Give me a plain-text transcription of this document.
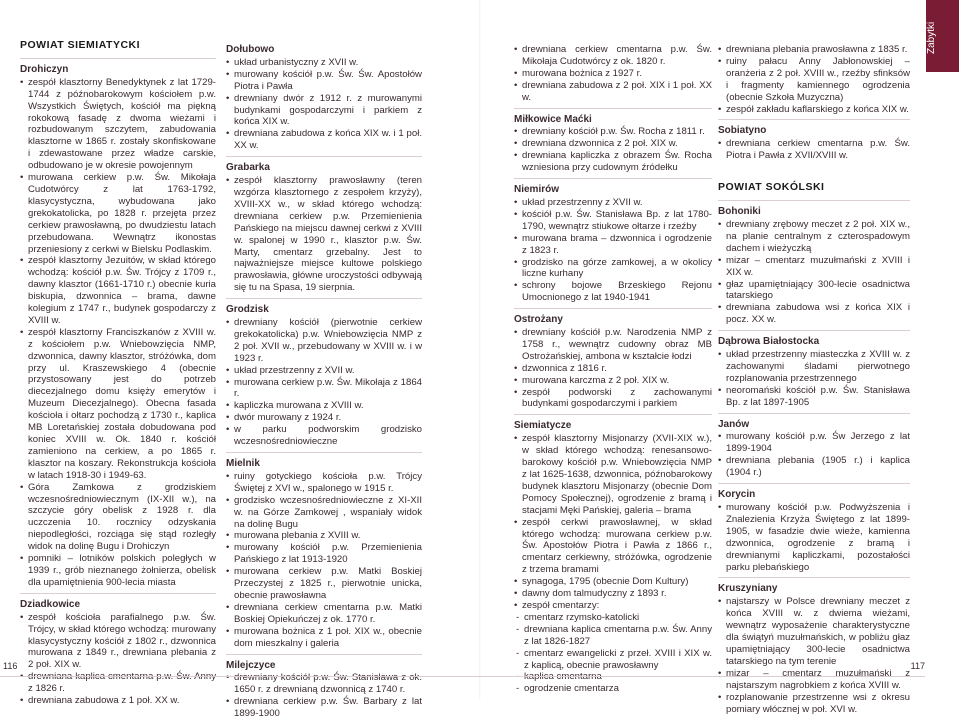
Zabytki
POWIAT SIEMIATYCKI
Drohiczyn
• zespół klasztorny Benedyktynek z lat 1729-1744 z późnobarokowym kościołem p.w. Wszystkich Świętych, kościół ma piękną rokokową fasadę z dwoma wieżami i rozbudowanym szczytem, zabudowania klasztorne w 1865 r. zostały skonfiskowane i zdewastowane przez władze carskie, odbudowano je w okresie powojennym
• murowana cerkiew p.w. Św. Mikołaja Cudotwórcy z lat 1763-1792, klasycystyczna, wybudowana jako grekokatolicka, po 1828 r. przejęta przez cerkiew prawosławną, po dwudziestu latach przebudowana. Wewnątrz ikonostas przeniesiony z cerkwi w Bielsku Podlaskim.
• zespół klasztorny Jezuitów, w skład którego wchodzą: kościół p.w. Św. Trójcy z 1709 r., dawny klasztor (1661-1710 r.) obecnie kuria biskupia, dzwonnica – brama, dawne kolegium z 1747 r., budynek gospodarczy z XVIII w.
• zespół klasztorny Franciszkanów z XVIII w. z kościołem p.w. Wniebowzięcia NMP, dzwonnica, dawny klasztor, stróżówka, dom przy ul. Kraszewskiego 4 (obecnie przystosowany jest do potrzeb diecezjalnego domu księży emerytów i Muzeum Diecezjalnego). Obecna fasada kościoła i ołtarz pochodzą z 1730 r., kaplica MB Loretańskiej została dobudowana pod koniec XVIII w. Ok. 1840 r. kościół zamieniono na cerkiew, a po 1865 r. klasztor na koszary. Rekonstrukcja kościoła w latach 1918-30 i 1949-63.
• Góra Zamkowa z grodziskiem wczesnośredniowiecznym (IX-XII w.), na szczycie góry obelisk z 1928 r. dla uczczenia 10. rocznicy odzyskania niepodległości, rozciąga się stąd rozległy widok na dolinę Bugu i Drohiczyn
• pomniki – lotników polskich poległych w 1939 r., grób nieznanego żołnierza, obelisk dla upamiętnienia 900-lecia miasta
Dziadkowice
• zespół kościoła parafialnego p.w. Św. Trójcy, w skład którego wchodzą: murowany klasycystyczny kościół z 1802 r., dzwonnica murowana z 1849 r., drewniana plebania z 2 poł. XIX w.
• drewniana kaplica cmentarna p.w. Św. Anny z 1826 r.
• drewniana zabudowa z 1 poł. XX w.
Dołubowo
• układ urbanistyczny z XVII w.
• murowany kościół p.w. Św. Św. Apostołów Piotra i Pawła
• drewniany dwór z 1912 r. z murowanymi budynkami gospodarczymi i parkiem z końca XIX w.
• drewniana zabudowa z końca XIX w. i 1 poł. XX w.
Grabarka
• zespół klasztorny prawosławny (teren wzgórza klasztornego z zespołem krzyży), XVIII-XX w., w skład którego wchodzą: drewniana cerkiew p.w. Przemienienia Pańskiego na miejscu dawnej cerkwi z XVIII w. spalonej w 1990 r., klasztor p.w. Św. Marty, cmentarz grzebalny. Jest to najważniejsze miejsce kultowe polskiego prawosławia, główne uroczystości odbywają się tu na Spasa, 19 sierpnia.
Grodzisk
• drewniany kościół (pierwotnie cerkiew grekokatolicka) p.w. Wniebowzięcia NMP z 2 poł. XVII w., przebudowany w XVIII w. i w 1923 r.
• układ przestrzenny z XVII w.
• murowana cerkiew p.w. Św. Mikołaja z 1864 r.
• kapliczka murowana z XVIII w.
• dwór murowany z 1924 r.
• w parku podworskim grodzisko wczesnośredniowieczne
Mielnik
• ruiny gotyckiego kościoła p.w. Trójcy Świętej z XVI w., spalonego w 1915 r.
• grodzisko wczesnośredniowieczne z XI-XII w. na Górze Zamkowej , wspaniały widok na dolinę Bugu
• murowana plebania z XVIII w.
• murowany kościół p.w. Przemienienia Pańskiego z lat 1913-1920
• murowana cerkiew p.w. Matki Boskiej Przeczystej z 1825 r., pierwotnie unicka, obecnie prawosławna
• drewniana cerkiew cmentarna p.w. Matki Boskiej Opiekuńczej z ok. 1770 r.
• murowana bożnica z 1 poł. XIX w., obecnie dom mieszkalny i galeria
Milejczyce
• drewniany kościół p.w. Św. Stanisława z ok. 1650 r. z drewnianą dzwonnicą z 1740 r.
• drewniana cerkiew p.w. Św. Barbary z lat 1899-1900
• drewniana cerkiew cmentarna p.w. Św. Mikołaja Cudotwórcy z ok. 1820 r.
• murowana bożnica z 1927 r.
• drewniana zabudowa z 2 poł. XIX i 1 poł. XX w.
Miłkowice Maćki
• drewniany kościół p.w. Św. Rocha z 1811 r.
• drewniana dzwonnica z 2 poł. XIX w.
• drewniana kapliczka z obrazem Św. Rocha wzniesiona przy cudownym źródełku
Niemirów
• układ przestrzenny z XVII w.
• kościół p.w. Św. Stanisława Bp. z lat 1780-1790, wewnątrz stiukowe ołtarze i rzeźby
• murowana brama – dzwonnica i ogrodzenie z 1823 r.
• grodzisko na górze zamkowej, a w okolicy liczne kurhany
• schrony bojowe Brzeskiego Rejonu Umocnionego z lat 1940-1941
Ostrożany
• drewniany kościół p.w. Narodzenia NMP z 1758 r., wewnątrz cudowny obraz MB Ostrożańskiej, ambona w kształcie łodzi
• dzwonnica z 1816 r.
• murowana karczma z 2 poł. XIX w.
• zespół podworski z zachowanymi budynkami gospodarczymi i parkiem
Siemiatycze
• zespół klasztorny Misjonarzy (XVII-XIX w.), w skład którego wchodzą: renesansowo-barokowy kościół p.w. Wniebowzięcia NMP z lat 1625-1638, dzwonnica, późnobarokowy budynek klasztoru Misjonarzy (obecnie Dom Pomocy Społecznej), ogrodzenie z bramą i stacjami Męki Pańskiej, galeria – brama
• zespół cerkwi prawosławnej, w skład którego wchodzą: murowana cerkiew p.w. Św. Apostołów Piotra i Pawła z 1866 r., cmentarz cerkiewny, stróżówka, ogrodzenie z trzema bramami
• synagoga, 1795 (obecnie Dom Kultury)
• dawny dom talmudyczny z 1893 r.
• zespół cmentarzy:
- cmentarz rzymsko-katolicki
- drewniana kaplica cmentarna p.w. Św. Anny z lat 1826-1827
- cmentarz ewangelicki z przeł. XVIII i XIX w. z kaplicą, obecnie prawosławny
- kaplica cmentarna
- ogrodzenie cmentarza
• drewniana plebania prawosławna z 1835 r.
• ruiny pałacu Anny Jabłonowskiej – oranżeria z 2 poł. XVIII w., rzeźby sfinksów i fragmenty kamiennego ogrodzenia (obecnie Szkoła Muzyczna)
• zespół zakładu kaflarskiego z końca XIX w.
Sobiatyno
• drewniana cerkiew cmentarna p.w. Św. Piotra i Pawła z XVII/XVIII w.
POWIAT SOKÓLSKI
Bohoniki
• drewniany zrębowy meczet z 2 poł. XIX w., na planie centralnym z czterospadowym dachem i wieżyczką
• mizar – cmentarz muzułmański z XVIII i XIX w.
• głaz upamiętniający 300-lecie osadnictwa tatarskiego
• drewniana zabudowa wsi z końca XIX i pocz. XX w.
Dąbrowa Białostocka
• układ przestrzenny miasteczka z XVIII w. z zachowanymi śladami pierwotnego rozplanowania przestrzennego
• neoromański kościół p.w. Św. Stanisława Bp. z lat 1897-1905
Janów
• murowany kościół p.w. Św Jerzego z lat 1899-1904
• drewniana plebania (1905 r.) i kaplica (1904 r.)
Korycin
• murowany kościół p.w. Podwyższenia i Znalezienia Krzyża Świętego z lat 1899-1905, w fasadzie dwie wieże, kamienna dzwonnica, ogrodzenie z bramą i drewnianymi kapliczkami, pozostałości parku plebańskiego
Kruszyniany
• najstarszy w Polsce drewniany meczet z końca XVIII w. z dwiema wieżami, wewnątrz wyposażenie charakterystyczne dla świątyń muzułmańskich, w pobliżu głaz upamiętniający 300-lecie osadnictwa tatarskiego na tym terenie
• mizar – cmentarz muzułmański z najstarszym nagrobkiem z końca XVIII w.
• rozplanowanie przestrzenne wsi z okresu pomiary włócznej w poł. XVI w.
116	117
